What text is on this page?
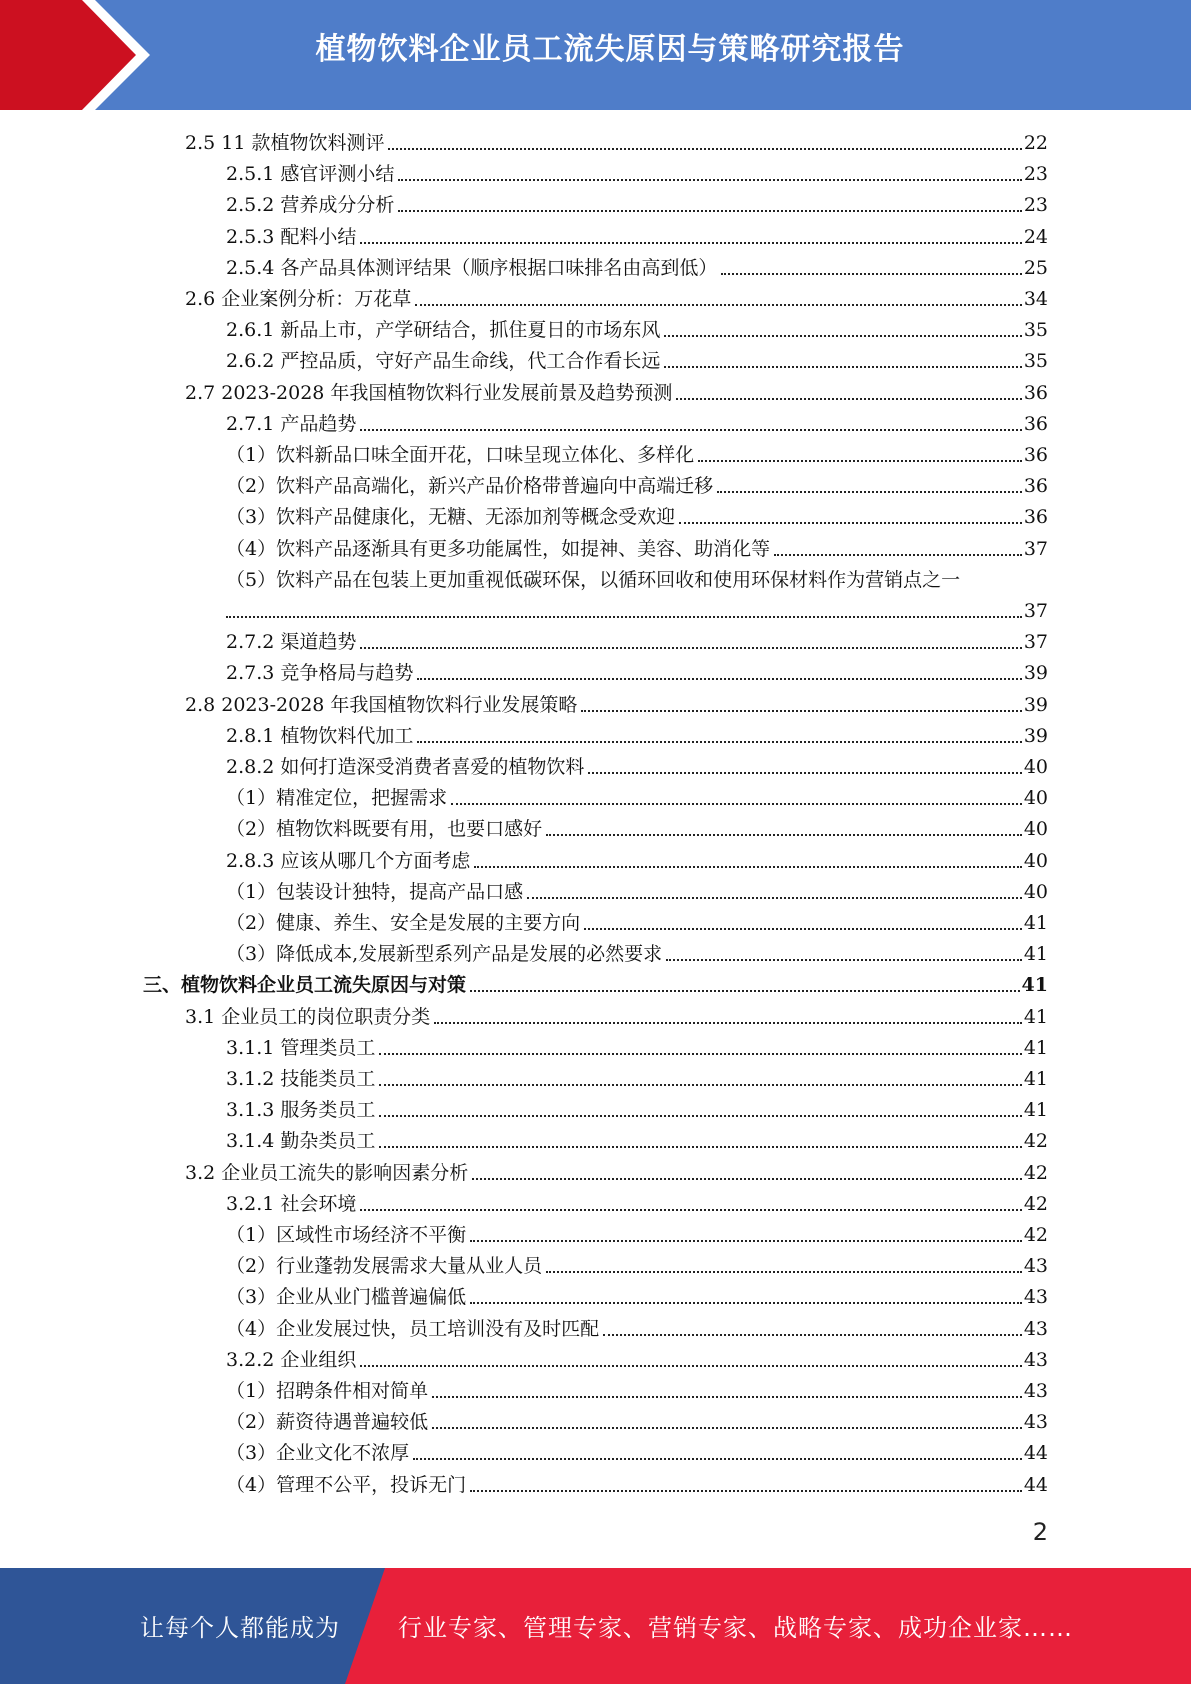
植物饮料企业员工流失原因与策略研究报告
2.5 11 款植物饮料测评	22
2.5.1 感官评测小结	23
2.5.2 营养成分分析	23
2.5.3 配料小结	24
2.5.4 各产品具体测评结果（顺序根据口味排名由高到低）	25
2.6 企业案例分析：万花草	34
2.6.1 新品上市，产学研结合，抓住夏日的市场东风	35
2.6.2 严控品质，守好产品生命线，代工合作看长远	35
2.7 2023-2028 年我国植物饮料行业发展前景及趋势预测	36
2.7.1 产品趋势	36
（1）饮料新品口味全面开花，口味呈现立体化、多样化	36
（2）饮料产品高端化，新兴产品价格带普遍向中高端迁移	36
（3）饮料产品健康化，无糖、无添加剂等概念受欢迎	36
（4）饮料产品逐渐具有更多功能属性，如提神、美容、助消化等	37
（5）饮料产品在包装上更加重视低碳环保，以循环回收和使用环保材料作为营销点之一
37
2.7.2 渠道趋势	37
2.7.3 竞争格局与趋势	39
2.8 2023-2028 年我国植物饮料行业发展策略	39
2.8.1 植物饮料代加工	39
2.8.2 如何打造深受消费者喜爱的植物饮料	40
（1）精准定位，把握需求	40
（2）植物饮料既要有用，也要口感好	40
2.8.3 应该从哪几个方面考虑	40
（1）包装设计独特，提高产品口感	40
（2）健康、养生、安全是发展的主要方向	41
（3）降低成本,发展新型系列产品是发展的必然要求	41
三、植物饮料企业员工流失原因与对策	41
3.1 企业员工的岗位职责分类	41
3.1.1 管理类员工	41
3.1.2 技能类员工	41
3.1.3 服务类员工	41
3.1.4 勤杂类员工	42
3.2 企业员工流失的影响因素分析	42
3.2.1 社会环境	42
（1）区域性市场经济不平衡	42
（2）行业蓬勃发展需求大量从业人员	43
（3）企业从业门槛普遍偏低	43
（4）企业发展过快，员工培训没有及时匹配	43
3.2.2 企业组织	43
（1）招聘条件相对简单	43
（2）薪资待遇普遍较低	43
（3）企业文化不浓厚	44
（4）管理不公平，投诉无门	44
2
让每个人都能成为 行业专家、管理专家、营销专家、战略专家、成功企业家……
